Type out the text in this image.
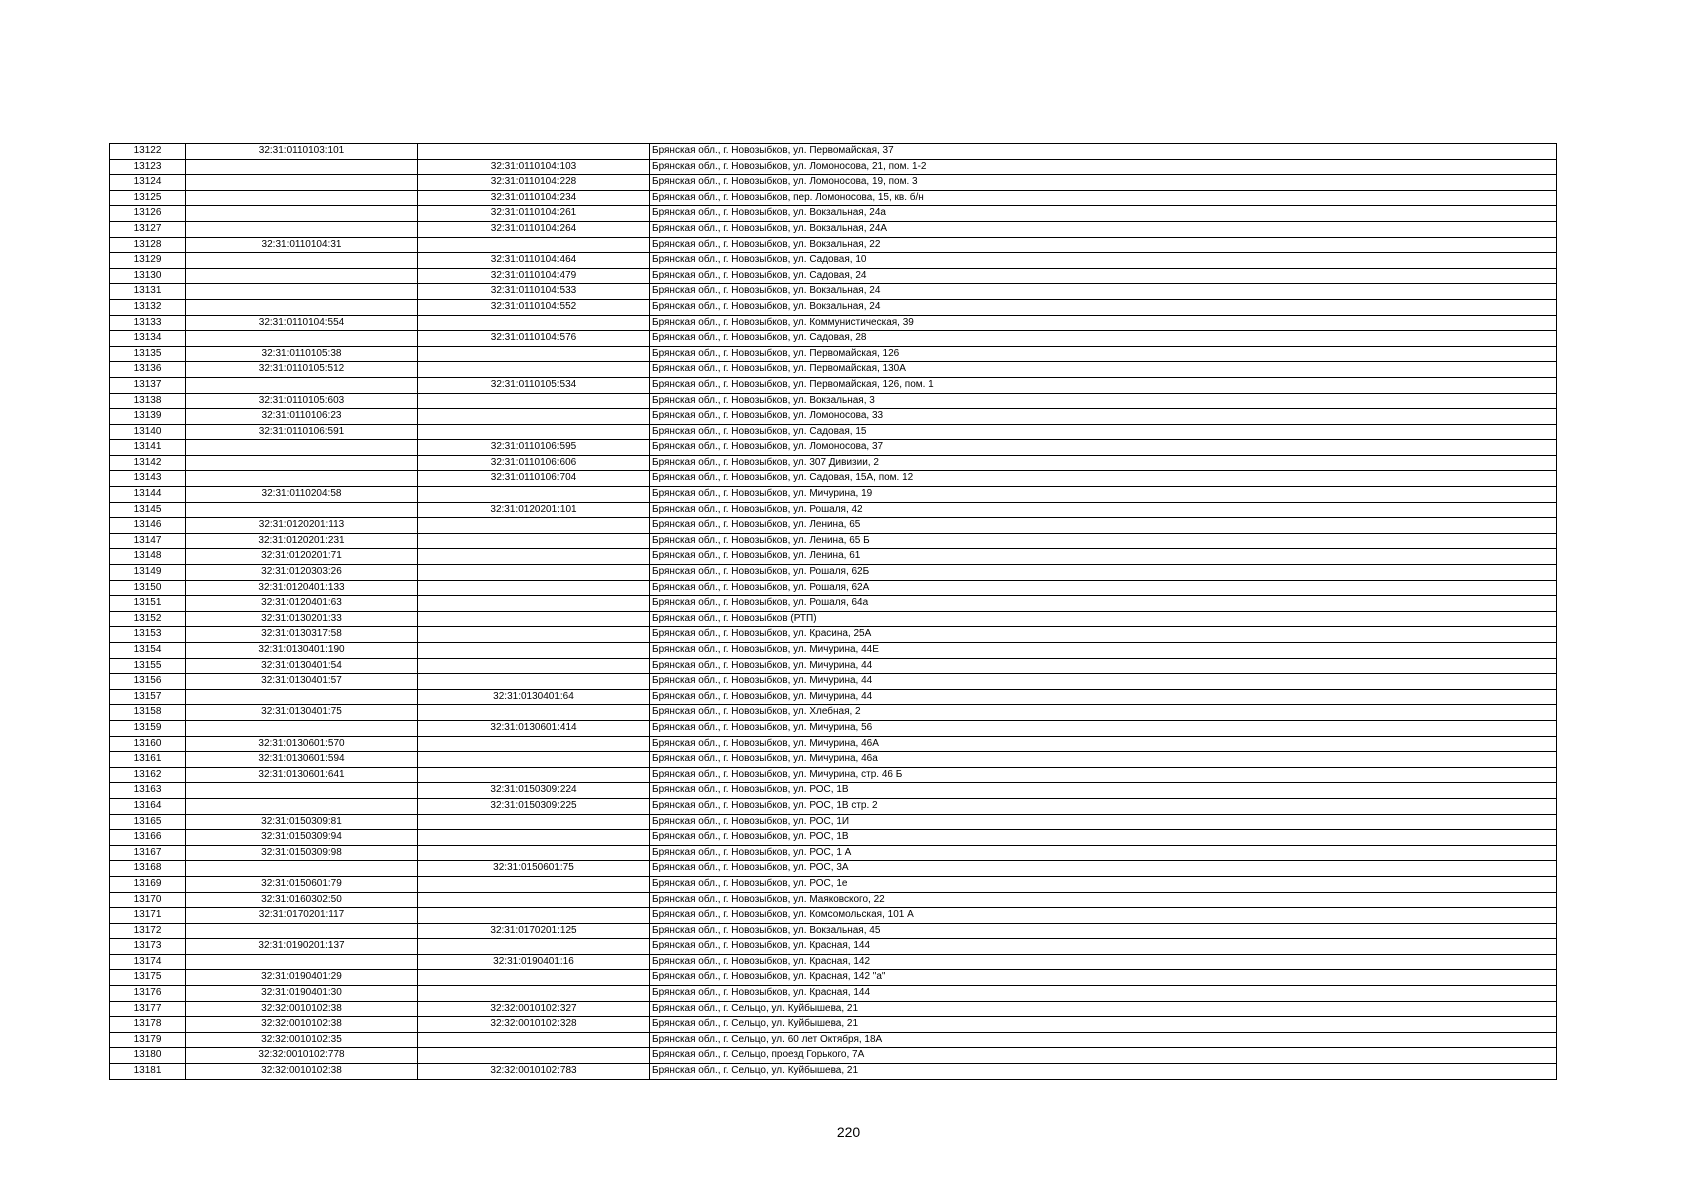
13122	32:31:0110103:101		Брянская обл., г. Новозыбков, ул. Первомайская, 37
13123		32:31:0110104:103	Брянская обл., г. Новозыбков, ул. Ломоносова, 21, пом. 1-2
13124		32:31:0110104:228	Брянская обл., г. Новозыбков, ул. Ломоносова, 19, пом. 3
13125		32:31:0110104:234	Брянская обл., г. Новозыбков, пер. Ломоносова, 15, кв. б/н
13126		32:31:0110104:261	Брянская обл., г. Новозыбков, ул. Вокзальная, 24а
13127		32:31:0110104:264	Брянская обл., г. Новозыбков, ул. Вокзальная, 24А
13128	32:31:0110104:31		Брянская обл., г. Новозыбков, ул. Вокзальная, 22
13129		32:31:0110104:464	Брянская обл., г. Новозыбков, ул. Садовая, 10
13130		32:31:0110104:479	Брянская обл., г. Новозыбков, ул. Садовая, 24
13131		32:31:0110104:533	Брянская обл., г. Новозыбков, ул. Вокзальная, 24
13132		32:31:0110104:552	Брянская обл., г. Новозыбков, ул. Вокзальная, 24
13133	32:31:0110104:554		Брянская обл., г. Новозыбков, ул. Коммунистическая, 39
13134		32:31:0110104:576	Брянская обл., г. Новозыбков, ул. Садовая, 28
13135	32:31:0110105:38		Брянская обл., г. Новозыбков, ул. Первомайская, 126
13136	32:31:0110105:512		Брянская обл., г. Новозыбков, ул. Первомайская, 130А
13137		32:31:0110105:534	Брянская обл., г. Новозыбков, ул. Первомайская, 126, пом. 1
13138	32:31:0110105:603		Брянская обл., г. Новозыбков, ул. Вокзальная, 3
13139	32:31:0110106:23		Брянская обл., г. Новозыбков, ул. Ломоносова, 33
13140	32:31:0110106:591		Брянская обл., г. Новозыбков, ул. Садовая, 15
13141		32:31:0110106:595	Брянская обл., г. Новозыбков, ул. Ломоносова, 37
13142		32:31:0110106:606	Брянская обл., г. Новозыбков, ул. 307 Дивизии, 2
13143		32:31:0110106:704	Брянская обл., г. Новозыбков, ул. Садовая, 15А, пом. 12
13144	32:31:0110204:58		Брянская обл., г. Новозыбков, ул. Мичурина, 19
13145		32:31:0120201:101	Брянская обл., г. Новозыбков, ул. Рошаля, 42
13146	32:31:0120201:113		Брянская обл., г. Новозыбков, ул. Ленина, 65
13147	32:31:0120201:231		Брянская обл., г. Новозыбков, ул. Ленина, 65 Б
13148	32:31:0120201:71		Брянская обл., г. Новозыбков, ул. Ленина, 61
13149	32:31:0120303:26		Брянская обл., г. Новозыбков, ул. Рошаля, 62Б
13150	32:31:0120401:133		Брянская обл., г. Новозыбков, ул. Рошаля, 62А
13151	32:31:0120401:63		Брянская обл., г. Новозыбков, ул. Рошаля, 64а
13152	32:31:0130201:33		Брянская обл., г. Новозыбков (РТП)
13153	32:31:0130317:58		Брянская обл., г. Новозыбков, ул. Красина, 25А
13154	32:31:0130401:190		Брянская обл., г. Новозыбков, ул. Мичурина, 44Е
13155	32:31:0130401:54		Брянская обл., г. Новозыбков, ул. Мичурина, 44
13156	32:31:0130401:57		Брянская обл., г. Новозыбков, ул. Мичурина, 44
13157		32:31:0130401:64	Брянская обл., г. Новозыбков, ул. Мичурина, 44
13158	32:31:0130401:75		Брянская обл., г. Новозыбков, ул. Хлебная, 2
13159		32:31:0130601:414	Брянская обл., г. Новозыбков, ул. Мичурина, 56
13160	32:31:0130601:570		Брянская обл., г. Новозыбков, ул. Мичурина, 46А
13161	32:31:0130601:594		Брянская обл., г. Новозыбков, ул. Мичурина, 46а
13162	32:31:0130601:641		Брянская обл., г. Новозыбков, ул. Мичурина, стр. 46 Б
13163		32:31:0150309:224	Брянская обл., г. Новозыбков, ул. РОС, 1В
13164		32:31:0150309:225	Брянская обл., г. Новозыбков, ул. РОС, 1В стр. 2
13165	32:31:0150309:81		Брянская обл., г. Новозыбков, ул. РОС, 1И
13166	32:31:0150309:94		Брянская обл., г. Новозыбков, ул. РОС, 1В
13167	32:31:0150309:98		Брянская обл., г. Новозыбков, ул. РОС, 1 А
13168		32:31:0150601:75	Брянская обл., г. Новозыбков, ул. РОС, 3А
13169	32:31:0150601:79		Брянская обл., г. Новозыбков, ул. РОС, 1е
13170	32:31:0160302:50		Брянская обл., г. Новозыбков, ул. Маяковского, 22
13171	32:31:0170201:117		Брянская обл., г. Новозыбков, ул. Комсомольская, 101 А
13172		32:31:0170201:125	Брянская обл., г. Новозыбков, ул. Вокзальная, 45
13173	32:31:0190201:137		Брянская обл., г. Новозыбков, ул. Красная, 144
13174		32:31:0190401:16	Брянская обл., г. Новозыбков, ул. Красная, 142
13175	32:31:0190401:29		Брянская обл., г. Новозыбков, ул. Красная, 142 "а"
13176	32:31:0190401:30		Брянская обл., г. Новозыбков, ул. Красная, 144
13177	32:32:0010102:38	32:32:0010102:327	Брянская обл., г. Сельцо, ул. Куйбышева, 21
13178	32:32:0010102:38	32:32:0010102:328	Брянская обл., г. Сельцо, ул. Куйбышева, 21
13179	32:32:0010102:35		Брянская обл., г. Сельцо, ул. 60 лет Октября, 18А
13180	32:32:0010102:778		Брянская обл., г. Сельцо, проезд Горького, 7А
13181	32:32:0010102:38	32:32:0010102:783	Брянская обл., г. Сельцо, ул. Куйбышева, 21
220
